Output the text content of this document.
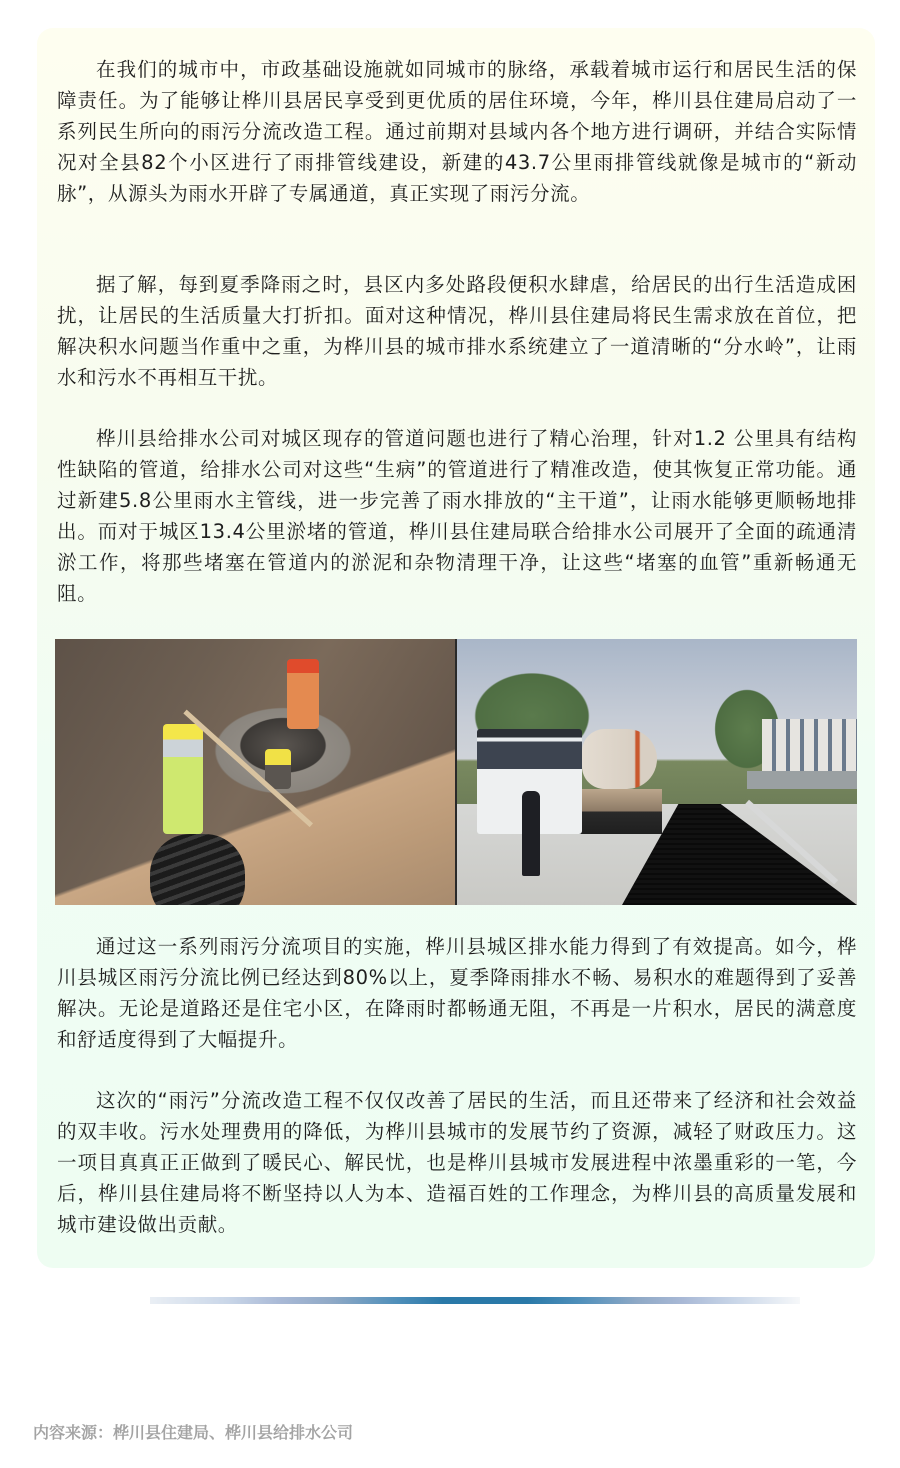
在我们的城市中，市政基础设施就如同城市的脉络，承载着城市运行和居民生活的保障责任。为了能够让桦川县居民享受到更优质的居住环境，今年，桦川县住建局启动了一系列民生所向的雨污分流改造工程。通过前期对县域内各个地方进行调研，并结合实际情况对全县82个小区进行了雨排管线建设，新建的43.7公里雨排管线就像是城市的“新动脉”，从源头为雨水开辟了专属通道，真正实现了雨污分流。

据了解，每到夏季降雨之时，县区内多处路段便积水肆虐，给居民的出行生活造成困扰，让居民的生活质量大打折扣。面对这种情况，桦川县住建局将民生需求放在首位，把解决积水问题当作重中之重，为桦川县的城市排水系统建立了一道清晰的“分水岭”，让雨水和污水不再相互干扰。

桦川县给排水公司对城区现存的管道问题也进行了精心治理，针对1.2 公里具有结构性缺陷的管道，给排水公司对这些“生病”的管道进行了精准改造，使其恢复正常功能。通过新建5.8公里雨水主管线，进一步完善了雨水排放的“主干道”，让雨水能够更顺畅地排出。而对于城区13.4公里淤堵的管道，桦川县住建局联合给排水公司展开了全面的疏通清淤工作，将那些堵塞在管道内的淤泥和杂物清理干净，让这些“堵塞的血管”重新畅通无阻。

通过这一系列雨污分流项目的实施，桦川县城区排水能力得到了有效提高。如今，桦川县城区雨污分流比例已经达到80%以上，夏季降雨排水不畅、易积水的难题得到了妥善解决。无论是道路还是住宅小区，在降雨时都畅通无阻，不再是一片积水，居民的满意度和舒适度得到了大幅提升。

这次的“雨污”分流改造工程不仅仅改善了居民的生活，而且还带来了经济和社会效益的双丰收。污水处理费用的降低，为桦川县城市的发展节约了资源，减轻了财政压力。这一项目真真正正做到了暖民心、解民忧，也是桦川县城市发展进程中浓墨重彩的一笔，今后，桦川县住建局将不断坚持以人为本、造福百姓的工作理念，为桦川县的高质量发展和城市建设做出贡献。

内容来源：桦川县住建局、桦川县给排水公司
